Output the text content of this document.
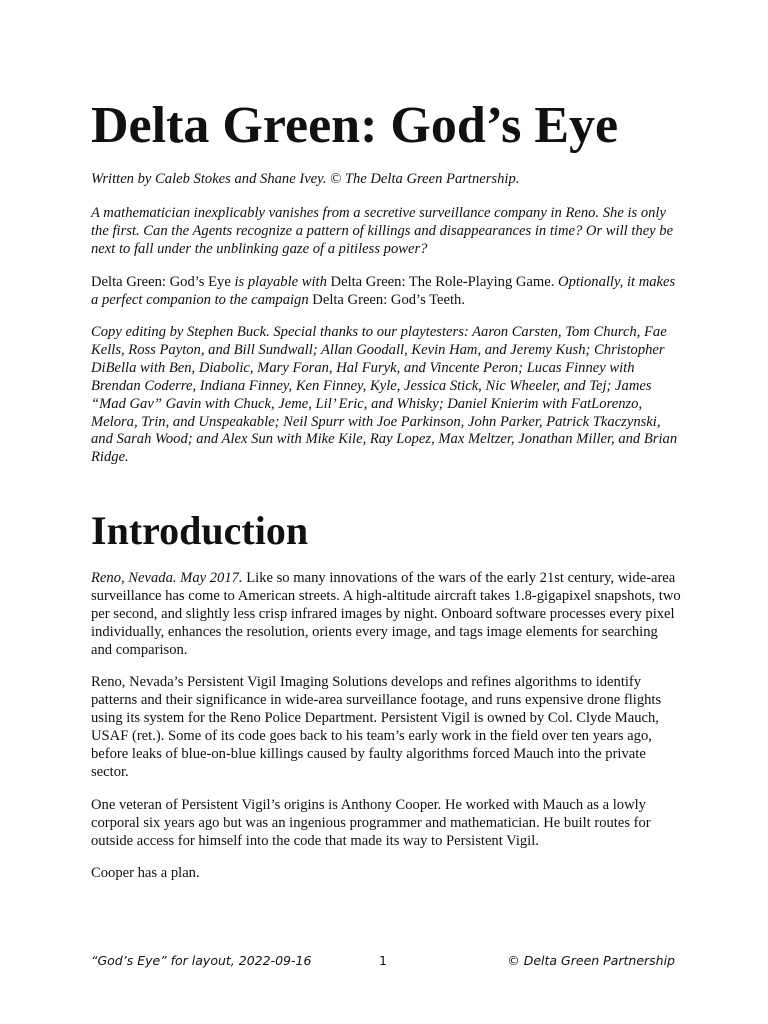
Delta Green: God’s Eye

Written by Caleb Stokes and Shane Ivey. © The Delta Green Partnership.

A mathematician inexplicably vanishes from a secretive surveillance company in Reno. She is only the first. Can the Agents recognize a pattern of killings and disappearances in time? Or will they be next to fall under the unblinking gaze of a pitiless power?

Delta Green: God’s Eye is playable with Delta Green: The Role-Playing Game. Optionally, it makes a perfect companion to the campaign Delta Green: God’s Teeth.

Copy editing by Stephen Buck. Special thanks to our playtesters: Aaron Carsten, Tom Church, Fae Kells, Ross Payton, and Bill Sundwall; Allan Goodall, Kevin Ham, and Jeremy Kush; Christopher DiBella with Ben, Diabolic, Mary Foran, Hal Furyk, and Vincente Peron; Lucas Finney with Brendan Coderre, Indiana Finney, Ken Finney, Kyle, Jessica Stick, Nic Wheeler, and Tej; James “Mad Gav” Gavin with Chuck, Jeme, Lil’ Eric, and Whisky; Daniel Knierim with FatLorenzo, Melora, Trin, and Unspeakable; Neil Spurr with Joe Parkinson, John Parker, Patrick Tkaczynski, and Sarah Wood; and Alex Sun with Mike Kile, Ray Lopez, Max Meltzer, Jonathan Miller, and Brian Ridge.

Introduction

Reno, Nevada. May 2017. Like so many innovations of the wars of the early 21st century, wide-area surveillance has come to American streets. A high-altitude aircraft takes 1.8-gigapixel snapshots, two per second, and slightly less crisp infrared images by night. Onboard software processes every pixel individually, enhances the resolution, orients every image, and tags image elements for searching and comparison.

Reno, Nevada’s Persistent Vigil Imaging Solutions develops and refines algorithms to identify patterns and their significance in wide-area surveillance footage, and runs expensive drone flights using its system for the Reno Police Department. Persistent Vigil is owned by Col. Clyde Mauch, USAF (ret.). Some of its code goes back to his team’s early work in the field over ten years ago, before leaks of blue-on-blue killings caused by faulty algorithms forced Mauch into the private sector.

One veteran of Persistent Vigil’s origins is Anthony Cooper. He worked with Mauch as a lowly corporal six years ago but was an ingenious programmer and mathematician. He built routes for outside access for himself into the code that made its way to Persistent Vigil.

Cooper has a plan.

“God’s Eye” for layout, 2022-09-16	1	© Delta Green Partnership
